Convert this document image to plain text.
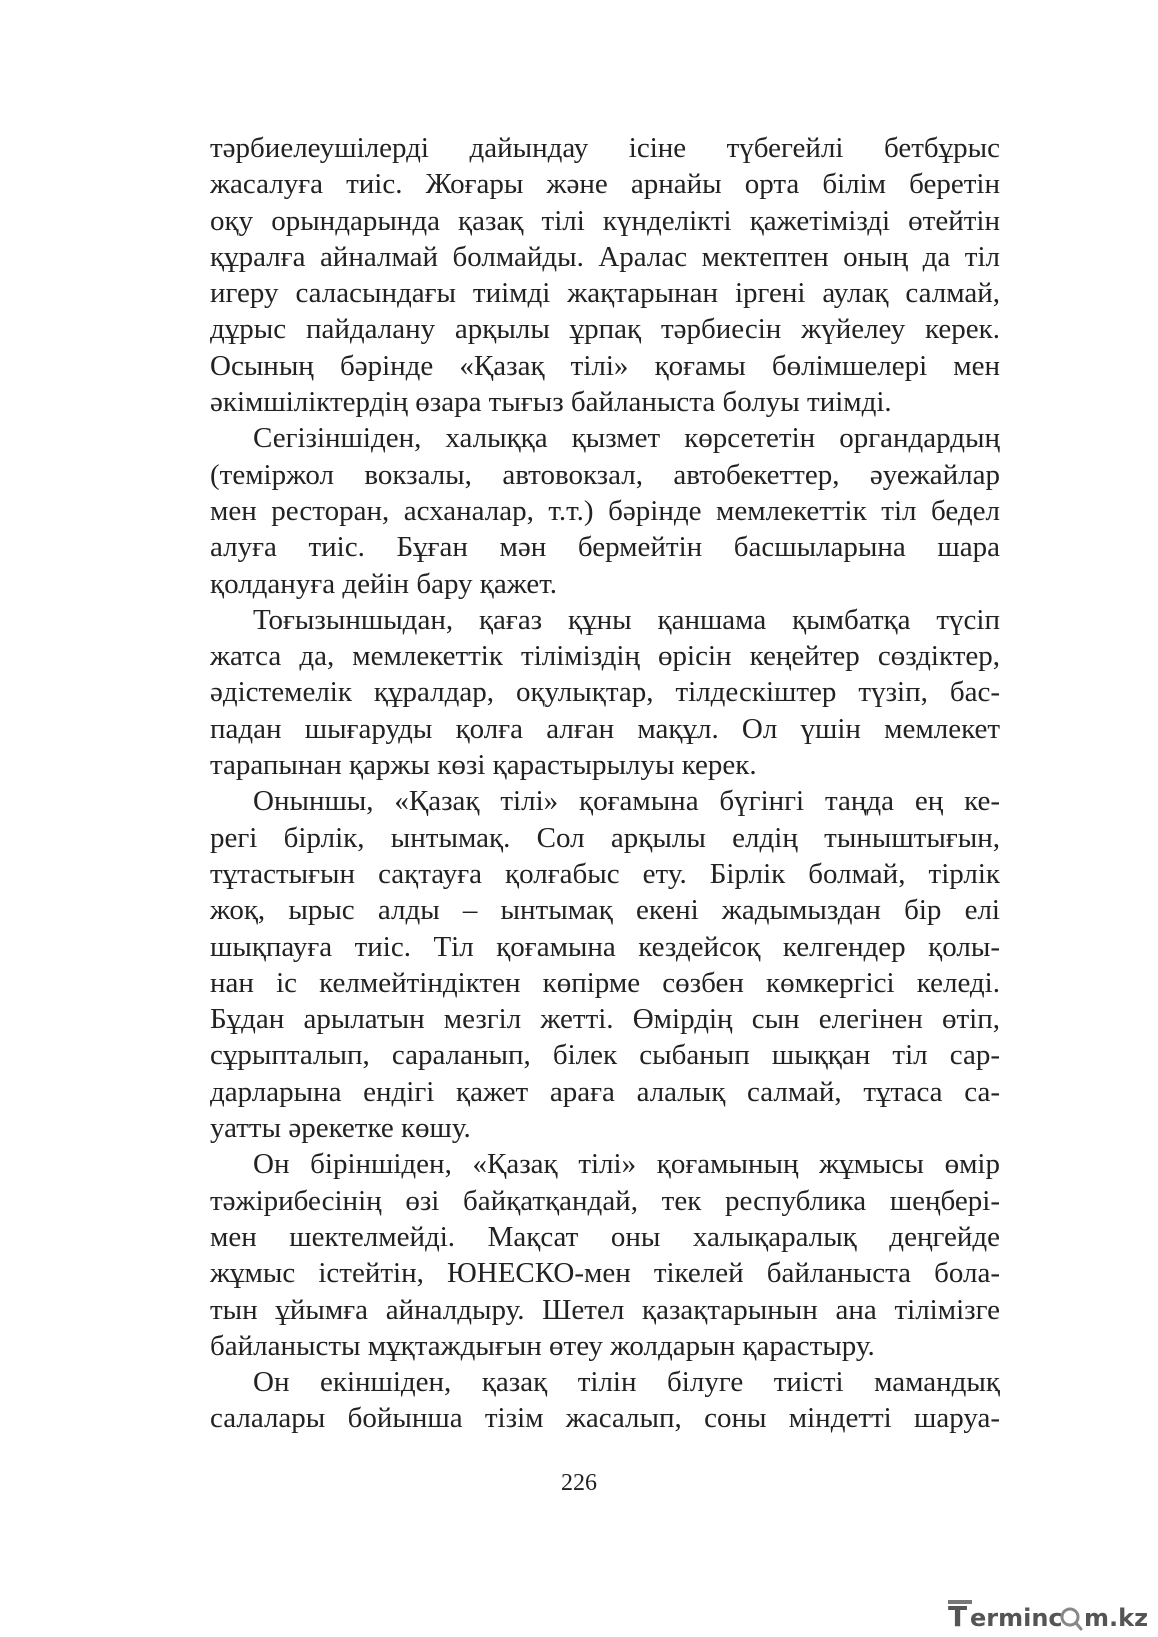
тәрбиелеушілерді дайындау ісіне түбегейлі бетбұрыс
жасалуға тиіс. Жоғары және арнайы орта білім беретін
оқу орындарында қазақ тілі күнделікті қажетімізді өтейтін
құралға айналмай болмайды. Аралас мектептен оның да тіл
игеру саласындағы тиімді жақтарынан іргені аулақ салмай,
дұрыс пайдалану арқылы ұрпақ тәрбиесін жүйелеу керек.
Осының бәрінде «Қазақ тілі» қоғамы бөлімшелері мен
әкімшіліктердің өзара тығыз байланыста болуы тиімді.
Сегізіншіден, халыққа қызмет көрсететін органдардың
(теміржол вокзалы, автовокзал, автобекеттер, әуежайлар
мен ресторан, асханалар, т.т.) бәрінде мемлекеттік тіл бедел
алуға тиіс. Бұған мән бермейтін басшыларына шара
қолдануға дейін бару қажет.
Тоғызыншыдан, қағаз құны қаншама қымбатқа түсіп
жатса да, мемлекеттік тіліміздің өрісін кеңейтер сөздіктер,
әдістемелік құралдар, оқулықтар, тілдескіштер түзіп, бас-
падан шығаруды қолға алған мақұл. Ол үшін мемлекет
тарапынан қаржы көзі қарастырылуы керек.
Оныншы, «Қазақ тілі» қоғамына бүгінгі таңда ең ке-
регі бірлік, ынтымақ. Сол арқылы елдің тыныштығын,
тұтастығын сақтауға қолғабыс ету. Бірлік болмай, тірлік
жоқ, ырыс алды – ынтымақ екені жадымыздан бір елі
шықпауға тиіс. Тіл қоғамына кездейсоқ келгендер қолы-
нан іс келмейтіндіктен көпірме сөзбен көмкергісі келеді.
Бұдан арылатын мезгіл жетті. Өмірдің сын елегінен өтіп,
сұрыпталып, сараланып, білек сыбанып шыққан тіл сар-
дарларына ендігі қажет араға алалық салмай, тұтаса са-
уатты әрекетке көшу.
Он біріншіден, «Қазақ тілі» қоғамының жұмысы өмір
тәжірибесінің өзі байқатқандай, тек республика шеңбері-
мен шектелмейді. Мақсат оны халықаралық деңгейде
жұмыс істейтін, ЮНЕСКО-мен тікелей байланыста бола-
тын ұйымға айналдыру. Шетел қазақтарынын ана тілімізге
байланысты мұқтаждығын өтеу жолдарын қарастыру.
Он екіншіден, қазақ тілін білуге тиісті мамандық
салалары бойынша тізім жасалып, соны міндетті шаруа-
226
T erminc m.kz
